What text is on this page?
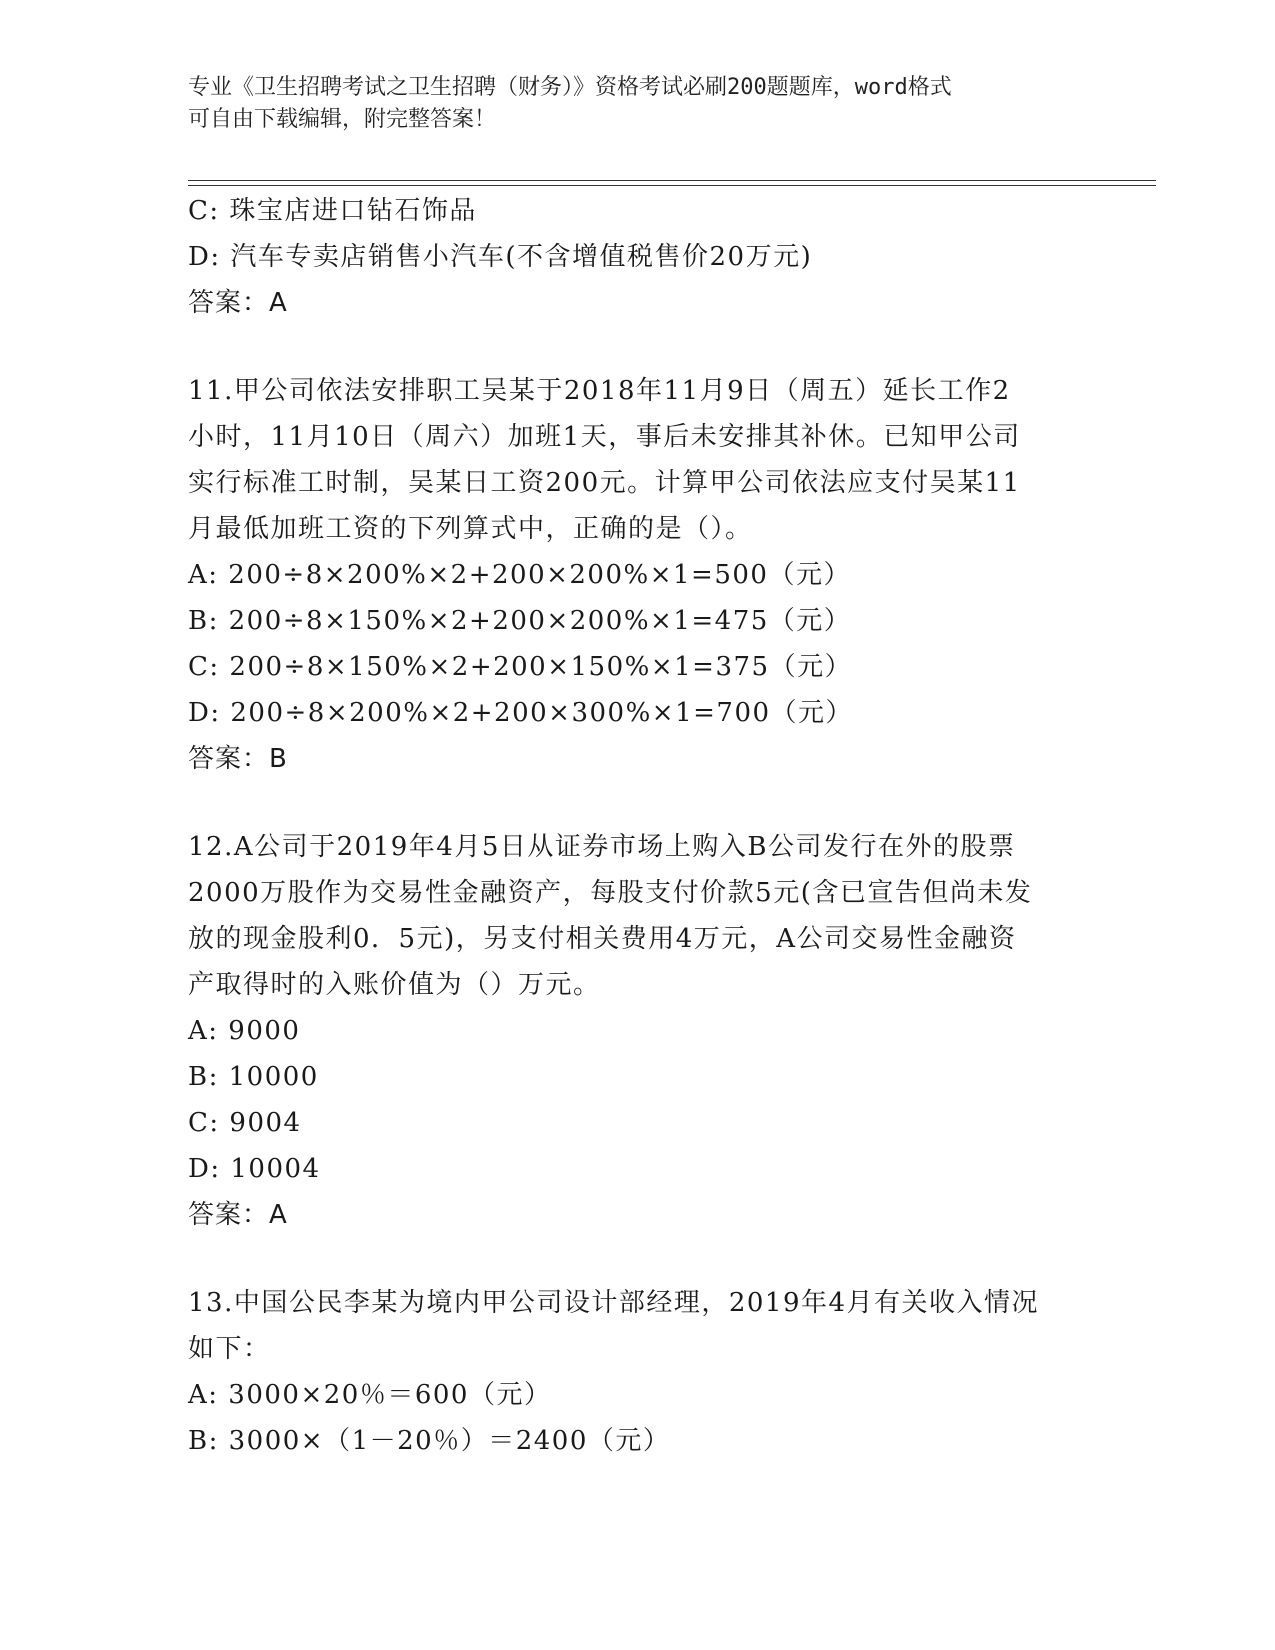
专业《卫生招聘考试之卫生招聘（财务）》资格考试必刷200题题库，word格式
可自由下载编辑，附完整答案！
C: 珠宝店进口钻石饰品
D: 汽车专卖店销售小汽车(不含增值税售价20万元)
答案：A
11.甲公司依法安排职工吴某于2018年11月9日（周五）延长工作2
小时，11月10日（周六）加班1天，事后未安排其补休。已知甲公司
实行标准工时制，吴某日工资200元。计算甲公司依法应支付吴某11
月最低加班工资的下列算式中，正确的是（）。
A: 200÷8×200%×2+200×200%×1=500（元）
B: 200÷8×150%×2+200×200%×1=475（元）
C: 200÷8×150%×2+200×150%×1=375（元）
D: 200÷8×200%×2+200×300%×1=700（元）
答案：B
12.A公司于2019年4月5日从证券市场上购入B公司发行在外的股票
2000万股作为交易性金融资产，每股支付价款5元(含已宣告但尚未发
放的现金股利0．5元)，另支付相关费用4万元，A公司交易性金融资
产取得时的入账价值为（）万元。
A: 9000
B: 10000
C: 9004
D: 10004
答案：A
13.中国公民李某为境内甲公司设计部经理，2019年4月有关收入情况
如下：
A: 3000×20％＝600（元）
B: 3000×（1－20％）＝2400（元）
